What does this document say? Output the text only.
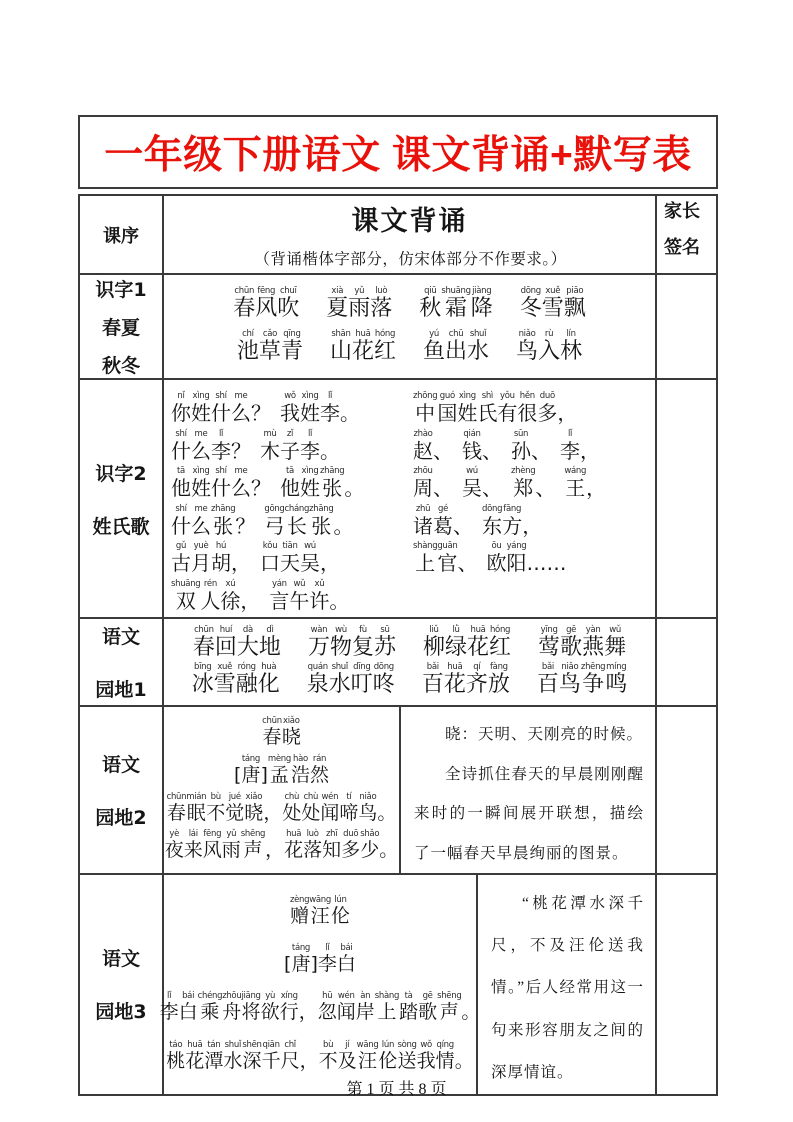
一年级下册语文 课文背诵+默写表
课序	课文背诵
（背诵楷体字部分，仿宋体部分不作要求。）
家长
签名
识字1
春夏
秋冬
chūn
春
fēng
风
chuī
吹
xià
夏
yǔ
雨
luò
落
qiū
秋
shuāng
霜
jiàng
降
dōng
冬
xuě
雪
piāo
飘
chí
池
cǎo
草
qīng
青
shān
山
huā
花
hóng
红
yú
鱼
chū
出
shuǐ
水
niǎo
鸟
rù
入
lín
林
识字2
姓氏歌
nǐ
你
xìng
姓
shí
什
me
么
？
wǒ
我
xìng
姓
lǐ
李
。
shí
什
me
么
lǐ
李
？
mù
木
zǐ
子
lǐ
李
。
tā
他
xìng
姓
shí
什
me
么
？
tā
他
xìng
姓
zhāng
张
。
shí
什
me
么
zhāng
张
？
gōng
弓
cháng
长
zhāng
张
。
gǔ
古
yuè
月
hú
胡
，
kǒu
口
tiān
天
wú
吴
，
shuāng
双
rén
人
xú
徐
，
yán
言
wǔ
午
xǔ
许
。
zhōng
中
guó
国
xìng
姓
shì
氏
yǒu
有
hěn
很
duō
多
，
zhào
赵
、
qián
钱
、
sūn
孙
、
lǐ
李
，
zhōu
周
、
wú
吴
、
zhèng
郑
、
wáng
王
，
zhū
诸
gé
葛
、
dōng
东
fāng
方
，
shàng
上
guān
官
、
ōu
欧
yáng
阳
…
…
语文
园地1
chūn
春
huí
回
dà
大
dì
地
wàn
万
wù
物
fù
复
sū
苏
liǔ
柳
lǜ
绿
huā
花
hóng
红
yīng
莺
gē
歌
yàn
燕
wǔ
舞
bīng
冰
xuě
雪
róng
融
huà
化
quán
泉
shuǐ
水
dīng
叮
dōng
咚
bǎi
百
huā
花
qí
齐
fàng
放
bǎi
百
niǎo
鸟
zhēng
争
míng
鸣
语文
园地2
chūn
春
xiǎo
晓

[
táng
唐
]
mèng
孟
hào
浩
rán
然
chūn
春
mián
眠
bù
不
jué
觉
xiǎo
晓
，
chù
处
chù
处
wén
闻
tí
啼
niǎo
鸟
。
yè
夜
lái
来
fēng
风
yǔ
雨
shēng
声
，
huā
花
luò
落
zhī
知
duō
多
shǎo
少
。

晓：天明、天刚亮的时候。

全诗抓住春天的早晨刚刚醒来时的一瞬间展开联想，描绘了一幅春天早晨绚丽的图景。

语文
园地3
zèng
赠
wāng
汪
lún
伦

[
táng
唐
]
lǐ
李
bái
白
lǐ
李
bái
白
chéng
乘
zhōu
舟
jiāng
将
yù
欲
xíng
行
，
hū
忽
wén
闻
àn
岸
shàng
上
tà
踏
gē
歌
shēng
声
。
táo
桃
huā
花
tán
潭
shuǐ
水
shēn
深
qiān
千
chǐ
尺
，
bù
不
jí
及
wāng
汪
lún
伦
sòng
送
wǒ
我
qíng
情
。

“桃花潭水深千尺，不及汪伦送我情。”后人经常用这一句来形容朋友之间的深厚情谊。

第 1 页 共 8 页
